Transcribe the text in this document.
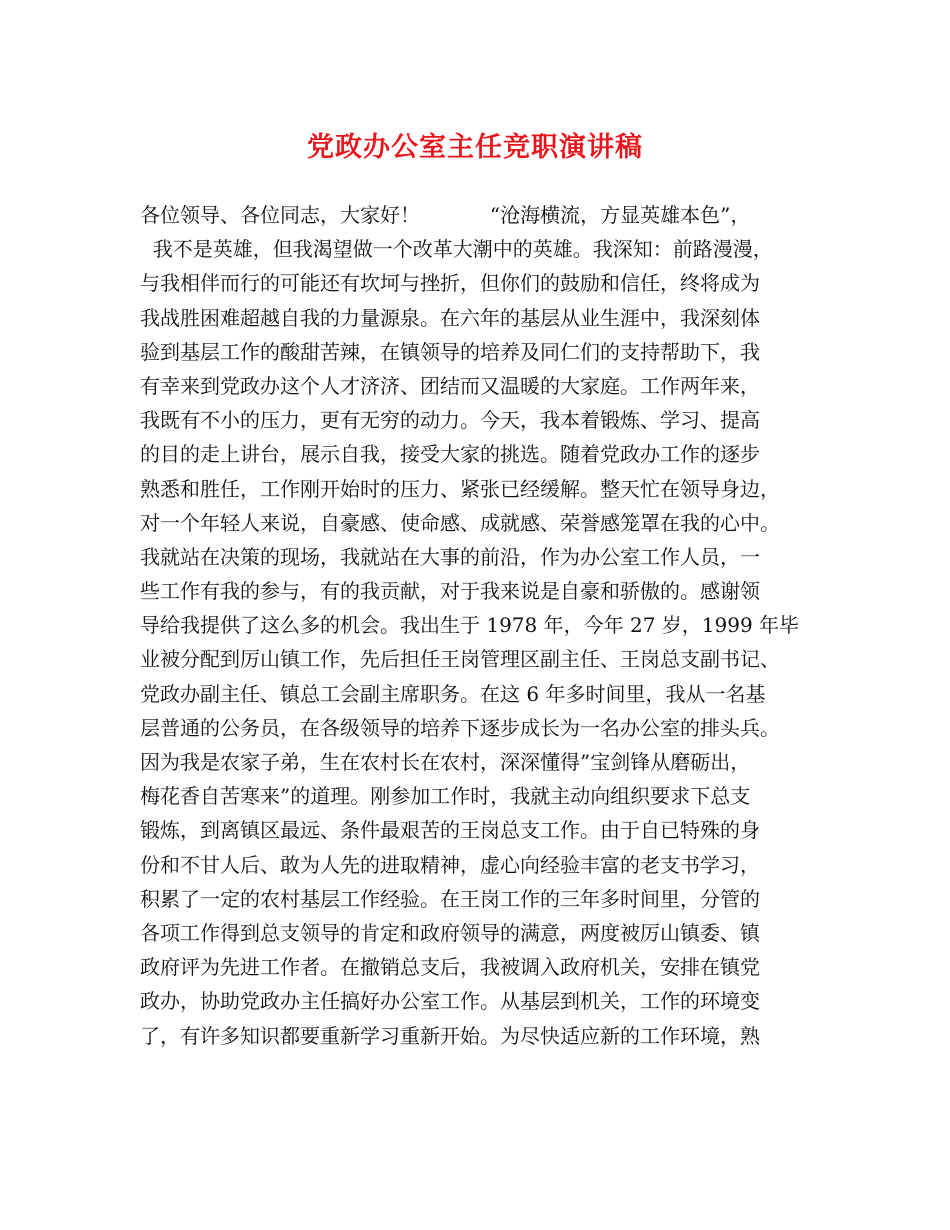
党政办公室主任竞职演讲稿
各位领导、各位同志，大家好！           “沧海横流，方显英雄本色”，
我不是英雄，但我渴望做一个改革大潮中的英雄。我深知：前路漫漫，
与我相伴而行的可能还有坎坷与挫折，但你们的鼓励和信任，终将成为
我战胜困难超越自我的力量源泉。在六年的基层从业生涯中，我深刻体
验到基层工作的酸甜苦辣，在镇领导的培养及同仁们的支持帮助下，我
有幸来到党政办这个人才济济、团结而又温暖的大家庭。工作两年来，
我既有不小的压力，更有无穷的动力。今天，我本着锻炼、学习、提高
的目的走上讲台，展示自我，接受大家的挑选。随着党政办工作的逐步
熟悉和胜任，工作刚开始时的压力、紧张已经缓解。整天忙在领导身边，
对一个年轻人来说，自豪感、使命感、成就感、荣誉感笼罩在我的心中。
我就站在决策的现场，我就站在大事的前沿，作为办公室工作人员，一
些工作有我的参与，有的我贡献，对于我来说是自豪和骄傲的。感谢领
导给我提供了这么多的机会。我出生于 1978 年，今年 27 岁，1999 年毕
业被分配到厉山镇工作，先后担任王岗管理区副主任、王岗总支副书记、
党政办副主任、镇总工会副主席职务。在这 6 年多时间里，我从一名基
层普通的公务员，在各级领导的培养下逐步成长为一名办公室的排头兵。
因为我是农家子弟，生在农村长在农村，深深懂得”宝剑锋从磨砺出，
梅花香自苦寒来”的道理。刚参加工作时，我就主动向组织要求下总支
锻炼，到离镇区最远、条件最艰苦的王岗总支工作。由于自已特殊的身
份和不甘人后、敢为人先的进取精神，虚心向经验丰富的老支书学习，
积累了一定的农村基层工作经验。在王岗工作的三年多时间里，分管的
各项工作得到总支领导的肯定和政府领导的满意，两度被厉山镇委、镇
政府评为先进工作者。在撤销总支后，我被调入政府机关，安排在镇党
政办，协助党政办主任搞好办公室工作。从基层到机关，工作的环境变
了，有许多知识都要重新学习重新开始。为尽快适应新的工作环境，熟
